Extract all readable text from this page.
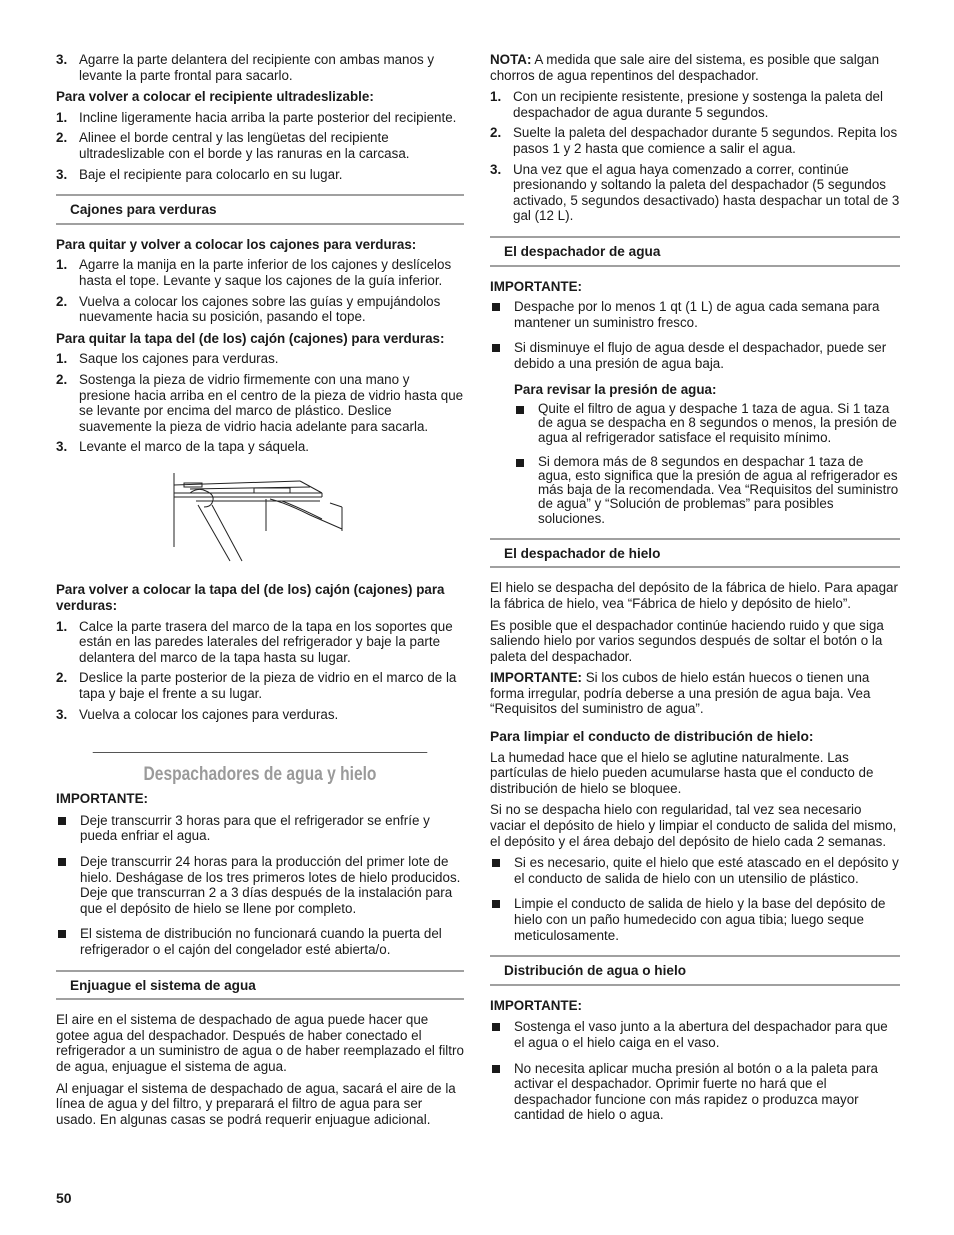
3. Agarre la parte delantera del recipiente con ambas manos y levante la parte frontal para sacarlo.

Para volver a colocar el recipiente ultradeslizable:

1. Incline ligeramente hacia arriba la parte posterior del recipiente.
2. Alinee el borde central y las lengüetas del recipiente ultradeslizable con el borde y las ranuras en la carcasa.
3. Baje el recipiente para colocarlo en su lugar.
Cajones para verduras

Para quitar y volver a colocar los cajones para verduras:

1. Agarre la manija en la parte inferior de los cajones y deslícelos hasta el tope. Levante y saque los cajones de la guía inferior.
2. Vuelva a colocar los cajones sobre las guías y empujándolos nuevamente hacia su posición, pasando el tope.

Para quitar la tapa del (de los) cajón (cajones) para verduras:

1. Saque los cajones para verduras.
2. Sostenga la pieza de vidrio firmemente con una mano y presione hacia arriba en el centro de la pieza de vidrio hasta que se levante por encima del marco de plástico. Deslice suavemente la pieza de vidrio hacia adelante para sacarla.
3. Levante el marco de la tapa y sáquela.

Para volver a colocar la tapa del (de los) cajón (cajones) para verduras:

1. Calce la parte trasera del marco de la tapa en los soportes que están en las paredes laterales del refrigerador y baje la parte delantera del marco de la tapa hasta su lugar.
2. Deslice la parte posterior de la pieza de vidrio en el marco de la tapa y baje el frente a su lugar.
3. Vuelva a colocar los cajones para verduras.
Despachadores de agua y hielo

IMPORTANTE:

Deje transcurrir 3 horas para que el refrigerador se enfríe y pueda enfriar el agua.
Deje transcurrir 24 horas para la producción del primer lote de hielo. Deshágase de los tres primeros lotes de hielo producidos. Deje que transcurran 2 a 3 días después de la instalación para que el depósito de hielo se llene por completo.
El sistema de distribución no funcionará cuando la puerta del refrigerador o el cajón del congelador esté abierta/o.
Enjuague el sistema de agua

El aire en el sistema de despachado de agua puede hacer que gotee agua del despachador. Después de haber conectado el refrigerador a un suministro de agua o de haber reemplazado el filtro de agua, enjuague el sistema de agua.

Al enjuagar el sistema de despachado de agua, sacará el aire de la línea de agua y del filtro, y preparará el filtro de agua para ser usado. En algunas casas se podrá requerir enjuague adicional.

NOTA: A medida que sale aire del sistema, es posible que salgan chorros de agua repentinos del despachador.

1. Con un recipiente resistente, presione y sostenga la paleta del despachador de agua durante 5 segundos.
2. Suelte la paleta del despachador durante 5 segundos. Repita los pasos 1 y 2 hasta que comience a salir el agua.
3. Una vez que el agua haya comenzado a correr, continúe presionando y soltando la paleta del despachador (5 segundos activado, 5 segundos desactivado) hasta despachar un total de 3 gal (12 L).
El despachador de agua

IMPORTANTE:

Despache por lo menos 1 qt (1 L) de agua cada semana para mantener un suministro fresco.
Si disminuye el flujo de agua desde el despachador, puede ser debido a una presión de agua baja.

Para revisar la presión de agua:

Quite el filtro de agua y despache 1 taza de agua. Si 1 taza de agua se despacha en 8 segundos o menos, la presión de agua al refrigerador satisface el requisito mínimo.
Si demora más de 8 segundos en despachar 1 taza de agua, esto significa que la presión de agua al refrigerador es más baja de la recomendada. Vea “Requisitos del suministro de agua” y “Solución de problemas” para posibles soluciones.
El despachador de hielo

El hielo se despacha del depósito de la fábrica de hielo. Para apagar la fábrica de hielo, vea “Fábrica de hielo y depósito de hielo”.

Es posible que el despachador continúe haciendo ruido y que siga saliendo hielo por varios segundos después de soltar el botón o la paleta del despachador.

IMPORTANTE: Si los cubos de hielo están huecos o tienen una forma irregular, podría deberse a una presión de agua baja. Vea “Requisitos del suministro de agua”.

Para limpiar el conducto de distribución de hielo:

La humedad hace que el hielo se aglutine naturalmente. Las partículas de hielo pueden acumularse hasta que el conducto de distribución de hielo se bloquee.

Si no se despacha hielo con regularidad, tal vez sea necesario vaciar el depósito de hielo y limpiar el conducto de salida del mismo, el depósito y el área debajo del depósito de hielo cada 2 semanas.

Si es necesario, quite el hielo que esté atascado en el depósito y el conducto de salida de hielo con un utensilio de plástico.
Limpie el conducto de salida de hielo y la base del depósito de hielo con un paño humedecido con agua tibia; luego seque meticulosamente.
Distribución de agua o hielo

IMPORTANTE:

Sostenga el vaso junto a la abertura del despachador para que el agua o el hielo caiga en el vaso.
No necesita aplicar mucha presión al botón o a la paleta para activar el despachador. Oprimir fuerte no hará que el despachador funcione con más rapidez o produzca mayor cantidad de hielo o agua.
50
